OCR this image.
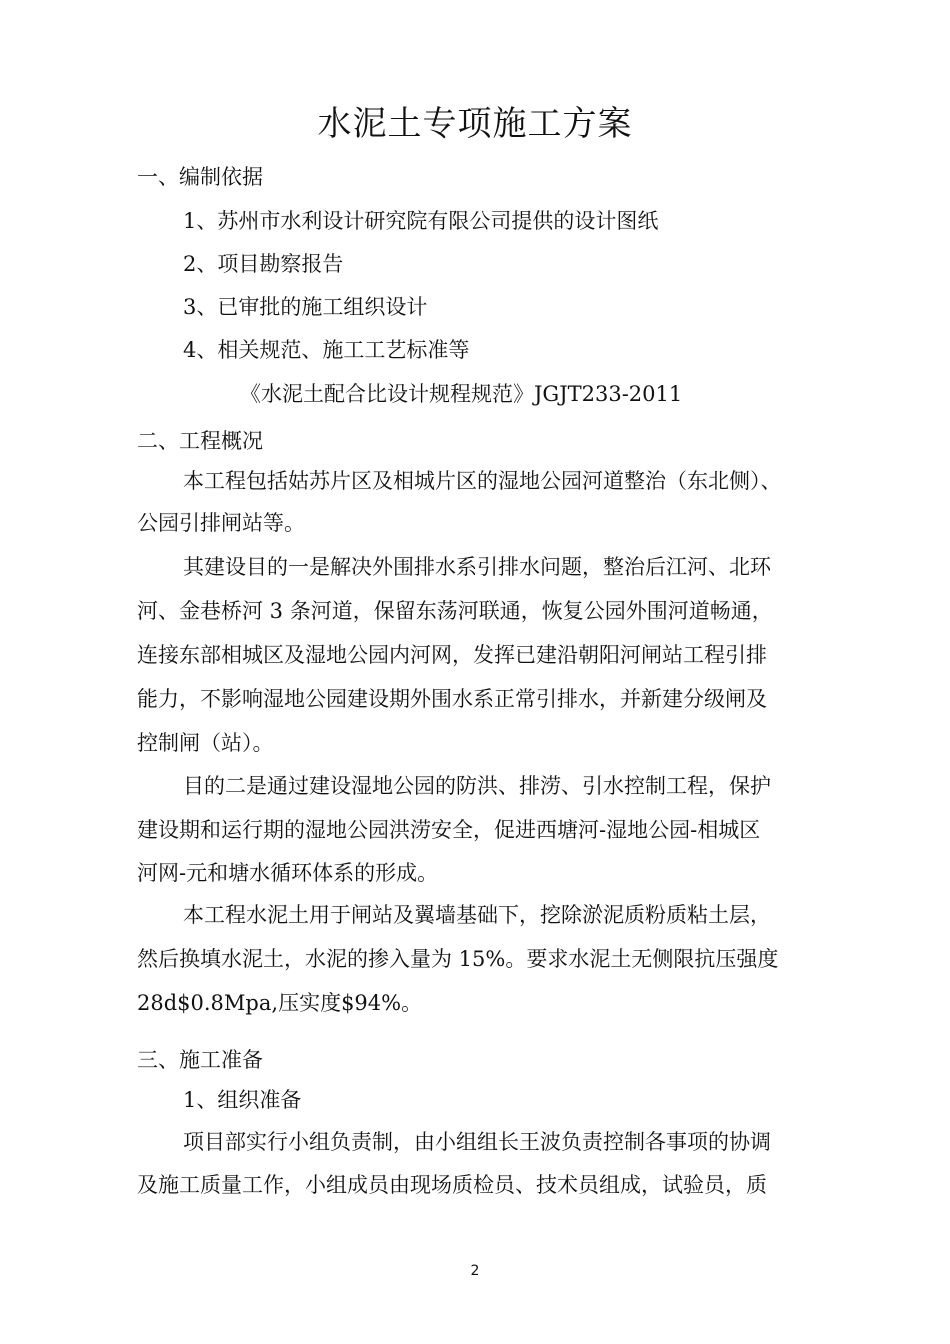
水泥土专项施工方案
一、编制依据
1、苏州市水利设计研究院有限公司提供的设计图纸
2、项目勘察报告
3、已审批的施工组织设计
4、相关规范、施工工艺标准等
《水泥土配合比设计规程规范》JGJT233-2011
二、工程概况
本工程包括姑苏片区及相城片区的湿地公园河道整治（东北侧）、
公园引排闸站等。
其建设目的一是解决外围排水系引排水问题，整治后江河、北环
河、金巷桥河 3 条河道，保留东荡河联通，恢复公园外围河道畅通，
连接东部相城区及湿地公园内河网，发挥已建沿朝阳河闸站工程引排
能力，不影响湿地公园建设期外围水系正常引排水，并新建分级闸及
控制闸（站）。
目的二是通过建设湿地公园的防洪、排涝、引水控制工程，保护
建设期和运行期的湿地公园洪涝安全，促进西塘河-湿地公园-相城区
河网-元和塘水循环体系的形成。
本工程水泥土用于闸站及翼墙基础下，挖除淤泥质粉质粘土层，
然后换填水泥土，水泥的掺入量为 15%。要求水泥土无侧限抗压强度
28d$0.8Mpa,压实度$94%。
三、施工准备
1、组织准备
项目部实行小组负责制，由小组组长王波负责控制各事项的协调
及施工质量工作，小组成员由现场质检员、技术员组成，试验员，质
2
